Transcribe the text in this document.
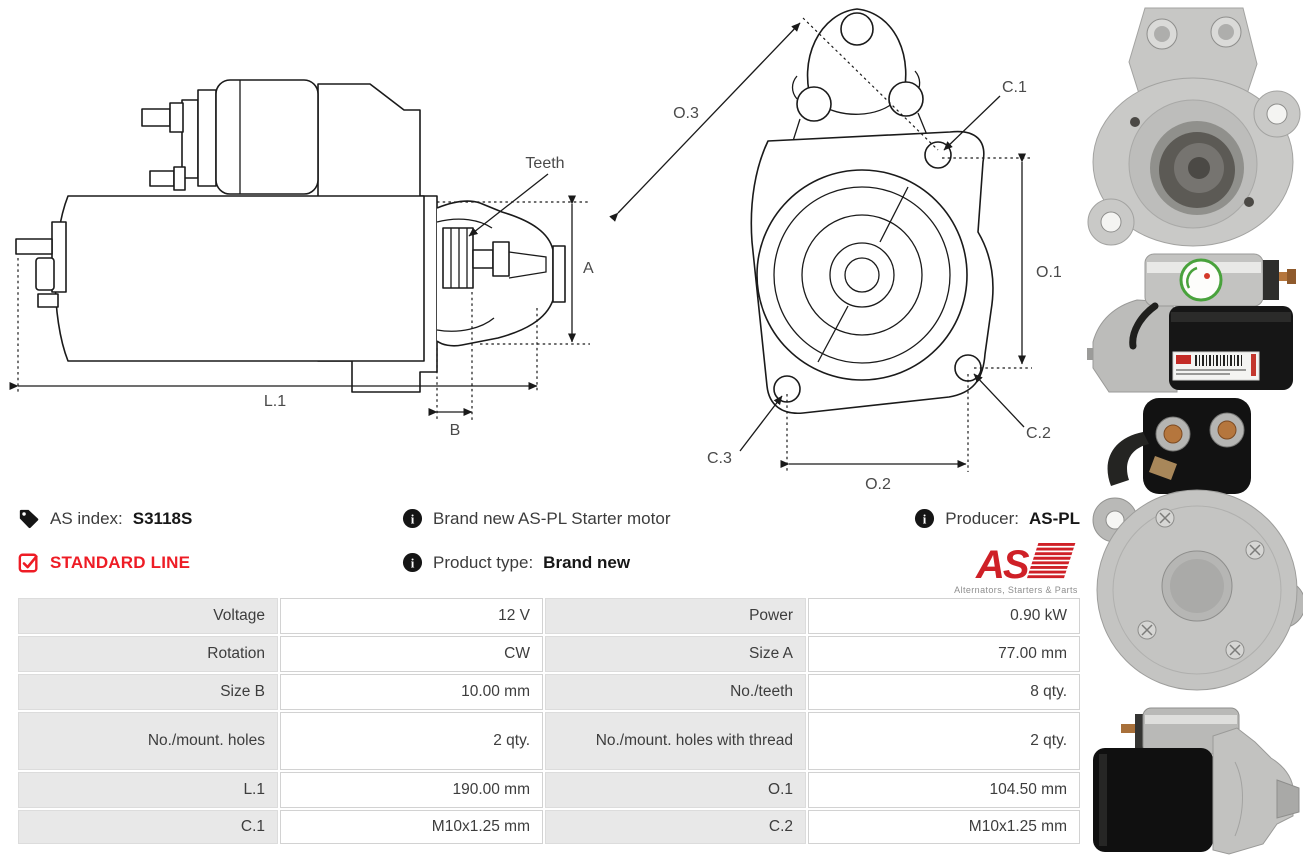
A
Teeth
L.1
B
O.3
C.1
O.1
C.2
C.3
O.2
AS index: S3118S
STANDARD LINE
i Brand new AS-PL Starter motor
i Product type: Brand new
i Producer: AS-PL
AS
Alternators, Starters & Parts
Voltage	12 V	Power	0.90 kW
Rotation	CW	Size A	77.00 mm
Size B	10.00 mm	No./teeth	8 qty.
No./mount. holes	2 qty.	No./mount. holes with thread	2 qty.
L.1	190.00 mm	O.1	104.50 mm
C.1	M10x1.25 mm	C.2	M10x1.25 mm
